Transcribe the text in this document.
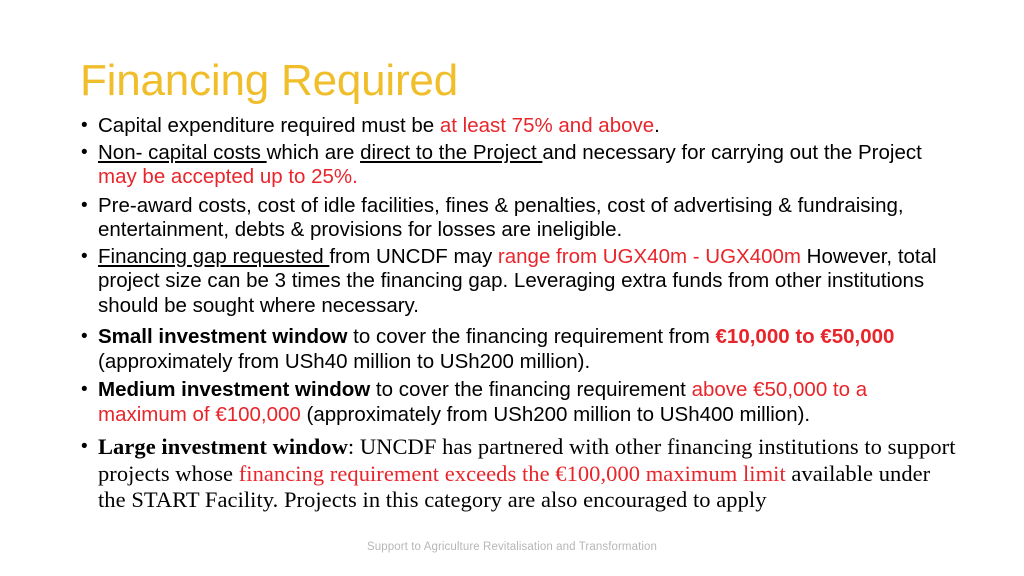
Financing Required
• Capital expenditure required must be at least 75% and above.
• Non- capital costs which are direct to the Project and necessary for carrying out the Project may be accepted up to 25%.
• Pre-award costs, cost of idle facilities, fines & penalties, cost of advertising & fundraising, entertainment, debts & provisions for losses are ineligible.
• Financing gap requested from UNCDF may range from UGX40m - UGX400m However, total project size can be 3 times the financing gap. Leveraging extra funds from other institutions should be sought where necessary.
• Small investment window to cover the financing requirement from €10,000 to €50,000 (approximately from USh40 million to USh200 million).
• Medium investment window to cover the financing requirement above €50,000 to a maximum of €100,000 (approximately from USh200 million to USh400 million).
• Large investment window: UNCDF has partnered with other financing institutions to support projects whose financing requirement exceeds the €100,000 maximum limit available under the START Facility. Projects in this category are also encouraged to apply
Support to Agriculture Revitalisation and Transformation
